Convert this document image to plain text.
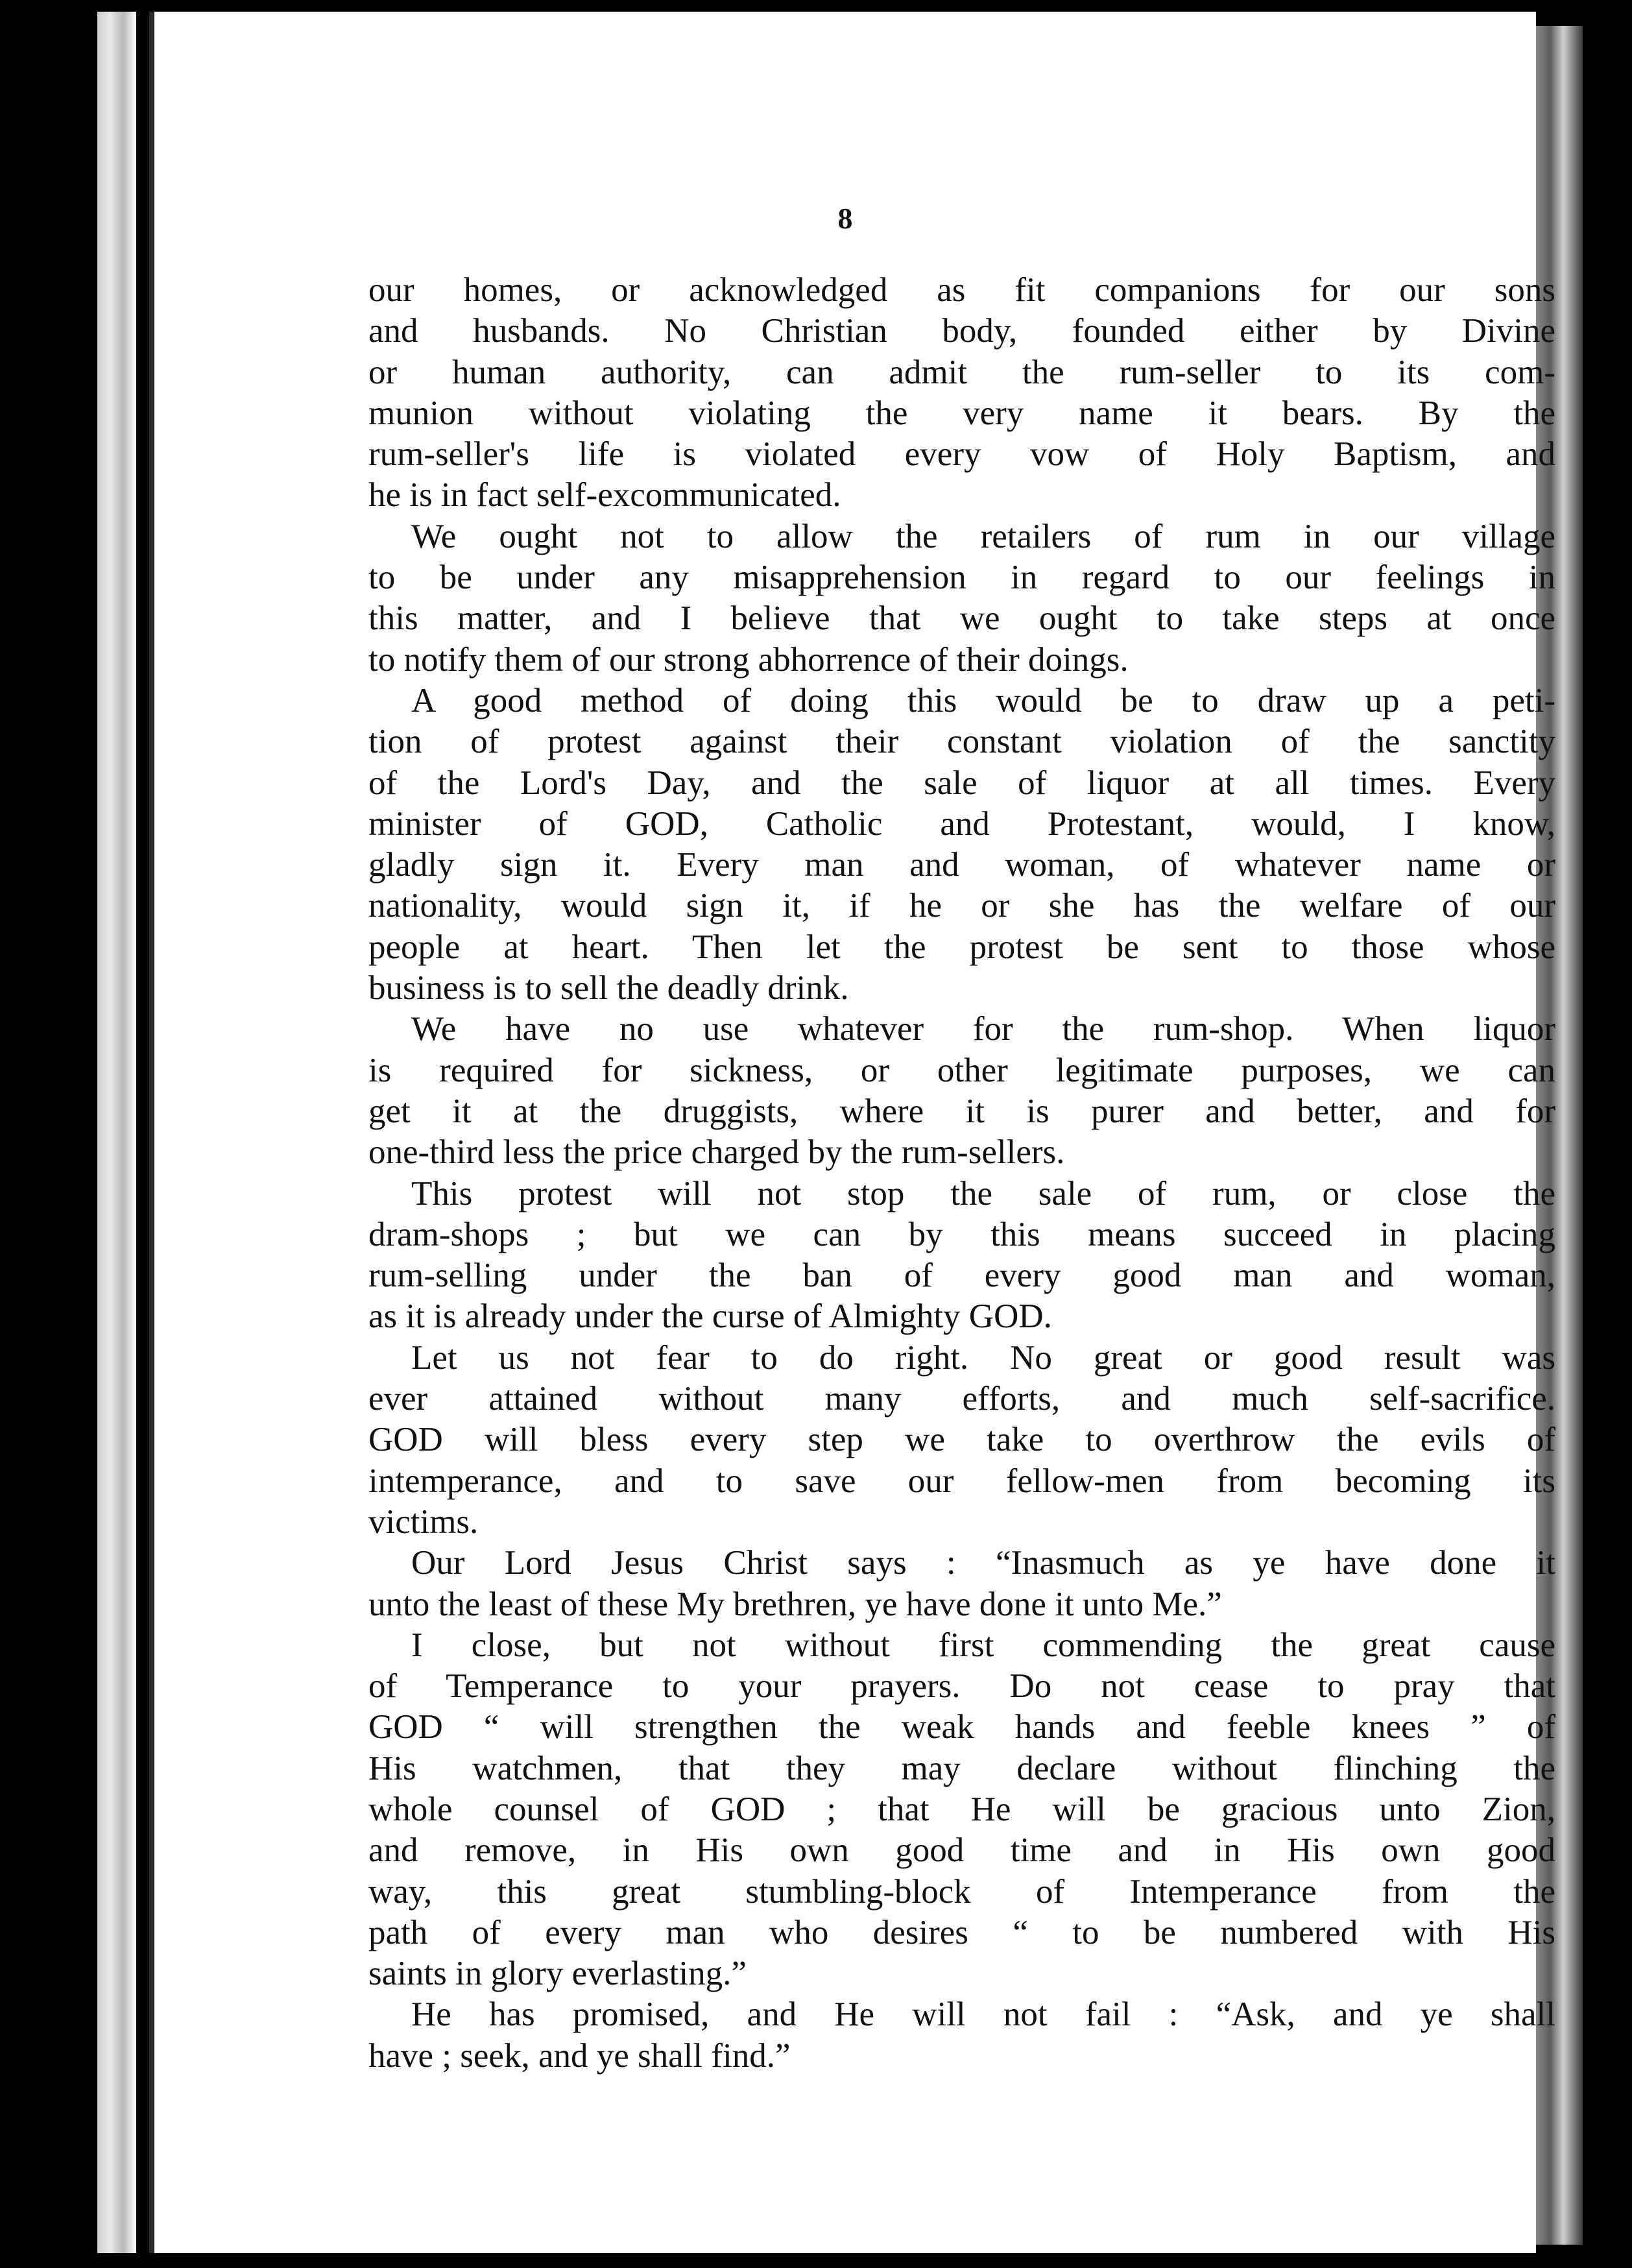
8
our homes, or acknowledged as fit companions for our sons
and husbands. No Christian body, founded either by Divine
or human authority, can admit the rum-seller to its com-
munion without violating the very name it bears. By the
rum-seller's life is violated every vow of Holy Baptism, and
he is in fact self-excommunicated.
We ought not to allow the retailers of rum in our village
to be under any misapprehension in regard to our feelings in
this matter, and I believe that we ought to take steps at once
to notify them of our strong abhorrence of their doings.
A good method of doing this would be to draw up a peti-
tion of protest against their constant violation of the sanctity
of the Lord's Day, and the sale of liquor at all times. Every
minister of GOD, Catholic and Protestant, would, I know,
gladly sign it. Every man and woman, of whatever name or
nationality, would sign it, if he or she has the welfare of our
people at heart. Then let the protest be sent to those whose
business is to sell the deadly drink.
We have no use whatever for the rum-shop. When liquor
is required for sickness, or other legitimate purposes, we can
get it at the druggists, where it is purer and better, and for
one-third less the price charged by the rum-sellers.
This protest will not stop the sale of rum, or close the
dram-shops ; but we can by this means succeed in placing
rum-selling under the ban of every good man and woman,
as it is already under the curse of Almighty GOD.
Let us not fear to do right. No great or good result was
ever attained without many efforts, and much self-sacrifice.
GOD will bless every step we take to overthrow the evils of
intemperance, and to save our fellow-men from becoming its
victims.
Our Lord Jesus Christ says : “Inasmuch as ye have done it
unto the least of these My brethren, ye have done it unto Me.”
I close, but not without first commending the great cause
of Temperance to your prayers. Do not cease to pray that
GOD “ will strengthen the weak hands and feeble knees ” of
His watchmen, that they may declare without flinching the
whole counsel of GOD ; that He will be gracious unto Zion,
and remove, in His own good time and in His own good
way, this great stumbling-block of Intemperance from the
path of every man who desires “ to be numbered with His
saints in glory everlasting.”
He has promised, and He will not fail : “Ask, and ye shall
have ; seek, and ye shall find.”
